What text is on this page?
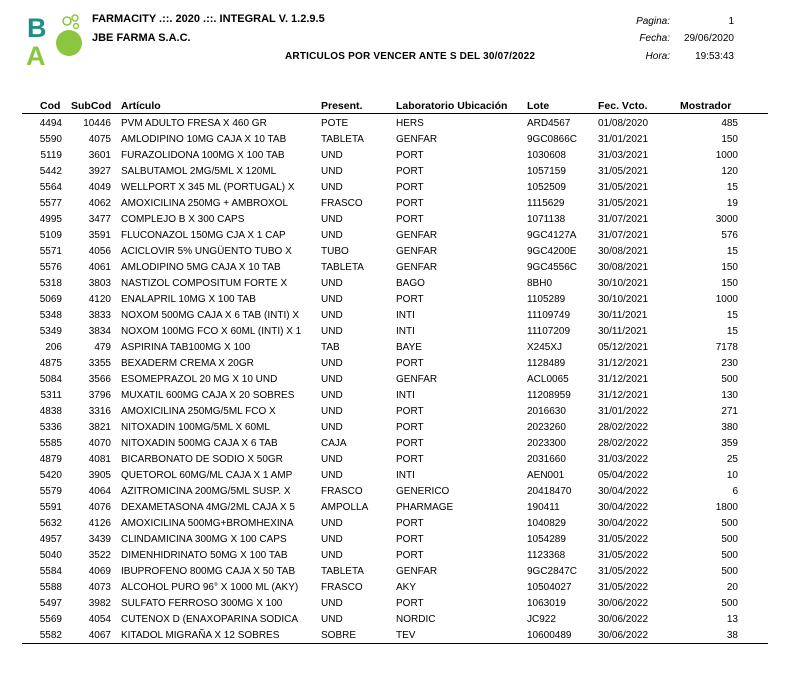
B
A
FARMACITY .::. 2020 .::. INTEGRAL V. 1.2.9.5
JBE FARMA S.A.C.
ARTICULOS POR VENCER ANTE S DEL 30/07/2022
Pagina:	1
Fecha:	29/06/2020
Hora:	19:53:43
Cod SubCod Artículo	Present.	Laboratorio Ubicación Lote	Fec. Vcto.	Mostrador
4494	10446 PVM ADULTO FRESA X 460 GR	POTE	HERS	ARD4567	01/08/2020	485
5590	4075 AMLODIPINO 10MG CAJA X 10 TAB	TABLETA	GENFAR	9GC0866C	31/01/2021	150
5119	3601 FURAZOLIDONA 100MG X 100 TAB	UND	PORT	1030608	31/03/2021	1000
5442	3927 SALBUTAMOL 2MG/5ML X 120ML	UND	PORT	1057159	31/05/2021	120
5564	4049 WELLPORT X 345 ML (PORTUGAL) X	UND	PORT	1052509	31/05/2021	15
5577	4062 AMOXICILINA 250MG + AMBROXOL	FRASCO	PORT	1115629	31/05/2021	19
4995	3477 COMPLEJO B X 300 CAPS	UND	PORT	1071138	31/07/2021	3000
5109	3591 FLUCONAZOL 150MG CJA X 1 CAP	UND	GENFAR	9GC4127A	31/07/2021	576
5571	4056 ACICLOVIR 5% UNGÜENTO TUBO X	TUBO	GENFAR	9GC4200E	30/08/2021	15
5576	4061 AMLODIPINO 5MG CAJA X 10 TAB	TABLETA	GENFAR	9GC4556C	30/08/2021	150
5318	3803 NASTIZOL COMPOSITUM FORTE X	UND	BAGO	8BH0	30/10/2021	150
5069	4120 ENALAPRIL 10MG X 100 TAB	UND	PORT	1105289	30/10/2021	1000
5348	3833 NOXOM 500MG CAJA X 6 TAB (INTI) X	UND	INTI	11109749	30/11/2021	15
5349	3834 NOXOM 100MG FCO X 60ML (INTI) X 1	UND	INTI	11107209	30/11/2021	15
206	479 ASPIRINA TAB100MG X 100	TAB	BAYE	X245XJ	05/12/2021	7178
4875	3355 BEXADERM CREMA X 20GR	UND	PORT	1128489	31/12/2021	230
5084	3566 ESOMEPRAZOL 20 MG X 10 UND	UND	GENFAR	ACL0065	31/12/2021	500
5311	3796 MUXATIL 600MG CAJA X 20 SOBRES	UND	INTI	11208959	31/12/2021	130
4838	3316 AMOXICILINA 250MG/5ML FCO X	UND	PORT	2016630	31/01/2022	271
5336	3821 NITOXADIN 100MG/5ML X 60ML	UND	PORT	2023260	28/02/2022	380
5585	4070 NITOXADIN 500MG CAJA X 6 TAB	CAJA	PORT	2023300	28/02/2022	359
4879	4081 BICARBONATO DE SODIO X 50GR	UND	PORT	2031660	31/03/2022	25
5420	3905 QUETOROL 60MG/ML CAJA X 1 AMP	UND	INTI	AEN001	05/04/2022	10
5579	4064 AZITROMICINA 200MG/5ML SUSP. X	FRASCO	GENERICO	20418470	30/04/2022	6
5591	4076 DEXAMETASONA 4MG/2ML CAJA X 5	AMPOLLA	PHARMAGE	190411	30/04/2022	1800
5632	4126 AMOXICILINA 500MG+BROMHEXINA	UND	PORT	1040829	30/04/2022	500
4957	3439 CLINDAMICINA 300MG X 100 CAPS	UND	PORT	1054289	31/05/2022	500
5040	3522 DIMENHIDRINATO 50MG X 100 TAB	UND	PORT	1123368	31/05/2022	500
5584	4069 IBUPROFENO 800MG CAJA X 50 TAB	TABLETA	GENFAR	9GC2847C	31/05/2022	500
5588	4073 ALCOHOL PURO 96° X 1000 ML (AKY)	FRASCO	AKY	10504027	31/05/2022	20
5497	3982 SULFATO FERROSO 300MG X 100	UND	PORT	1063019	30/06/2022	500
5569	4054 CUTENOX D (ENAXOPARINA SODICA	UND	NORDIC	JC922	30/06/2022	13
5582	4067 KITADOL MIGRAÑA X 12 SOBRES	SOBRE	TEV	10600489	30/06/2022	38
